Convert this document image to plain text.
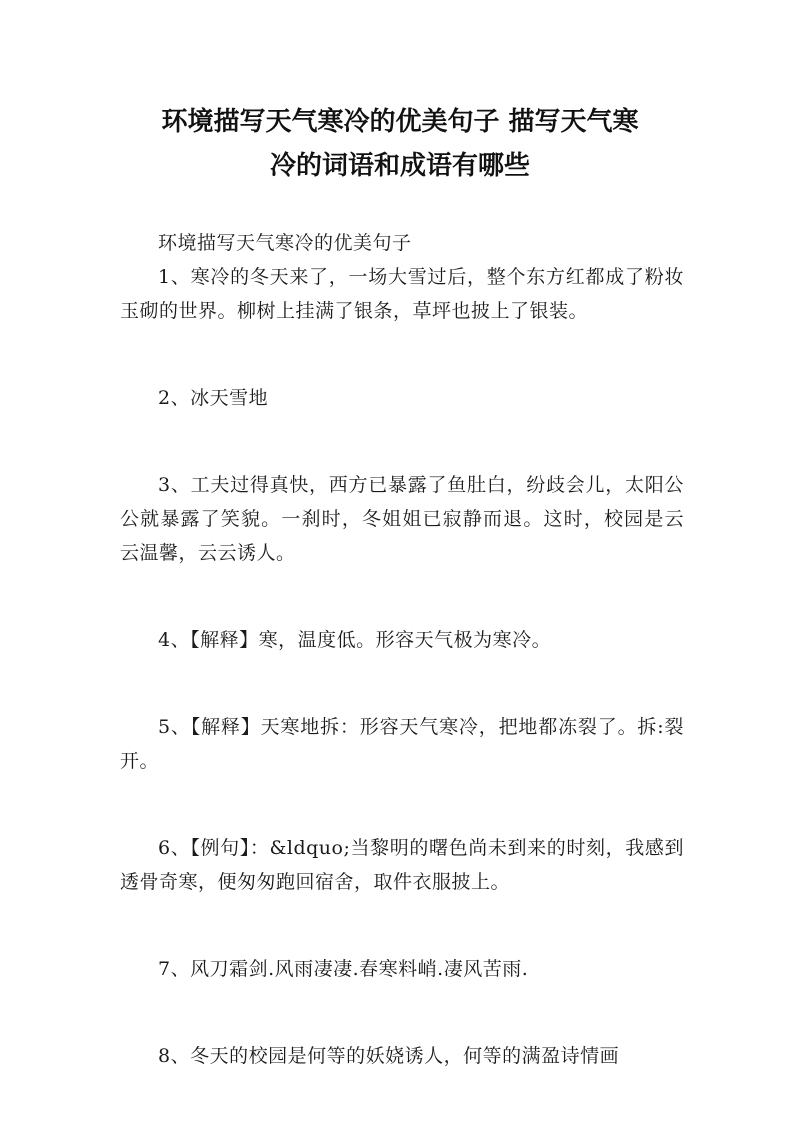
环境描写天气寒冷的优美句子 描写天气寒
冷的词语和成语有哪些

环境描写天气寒冷的优美句子

1、寒冷的冬天来了，一场大雪过后，整个东方红都成了粉妆玉砌的世界。柳树上挂满了银条，草坪也披上了银装。

2、冰天雪地

3、工夫过得真快，西方已暴露了鱼肚白，纷歧会儿，太阳公公就暴露了笑貌。一刹时，冬姐姐已寂静而退。这时，校园是云云温馨，云云诱人。

4、【解释】寒，温度低。形容天气极为寒冷。

5、【解释】天寒地拆：形容天气寒冷，把地都冻裂了。拆:裂开。

6、【例句】：&ldquo;当黎明的曙色尚未到来的时刻，我感到透骨奇寒，便匆匆跑回宿舍，取件衣服披上。

7、风刀霜剑.风雨凄凄.春寒料峭.凄风苦雨.

8、冬天的校园是何等的妖娆诱人，何等的满盈诗情画
